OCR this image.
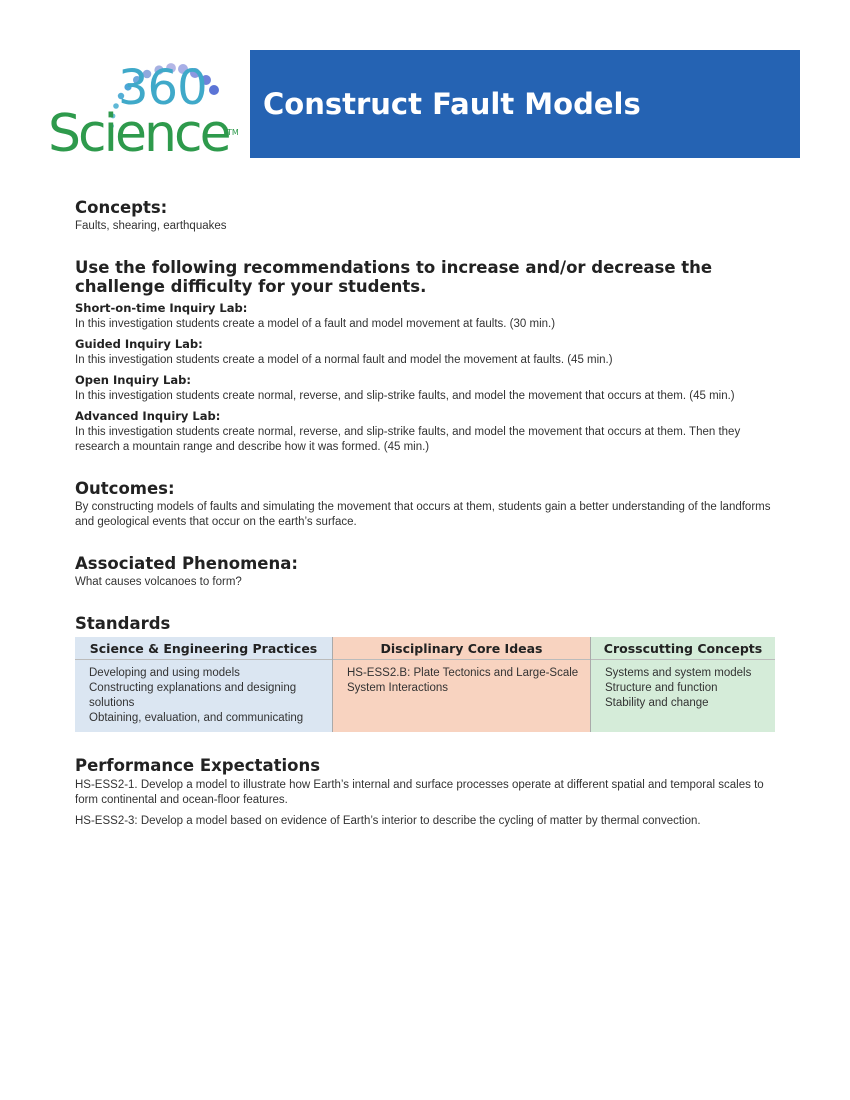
360
Science
TM
Construct Fault Models
Concepts:
Faults, shearing, earthquakes
Use the following recommendations to increase and/or decrease the challenge difficulty for your students.
Short-on-time Inquiry Lab:
In this investigation students create a model of a fault and model movement at faults. (30 min.)
Guided Inquiry Lab:
In this investigation students create a model of a normal fault and model the movement at faults. (45 min.)
Open Inquiry Lab:
In this investigation students create normal, reverse, and slip-strike faults, and model the movement that occurs at them. (45 min.)
Advanced Inquiry Lab:
In this investigation students create normal, reverse, and slip-strike faults, and model the movement that occurs at them. Then they research a mountain range and describe how it was formed. (45 min.)
Outcomes:
By constructing models of faults and simulating the movement that occurs at them, students gain a better understanding of the landforms and geological events that occur on the earth’s surface.
Associated Phenomena:
What causes volcanoes to form?
Standards
Science & Engineering Practices
Developing and using models
Constructing explanations and designing solutions
Obtaining, evaluation, and communicating
Disciplinary Core Ideas
HS-ESS2.B: Plate Tectonics and Large-Scale System Interactions
Crosscutting Concepts
Systems and system models
Structure and function
Stability and change
Performance Expectations

HS-ESS2-1. Develop a model to illustrate how Earth’s internal and surface processes operate at different spatial and temporal scales to form continental and ocean-floor features.

HS-ESS2-3: Develop a model based on evidence of Earth’s interior to describe the cycling of matter by thermal convection.
